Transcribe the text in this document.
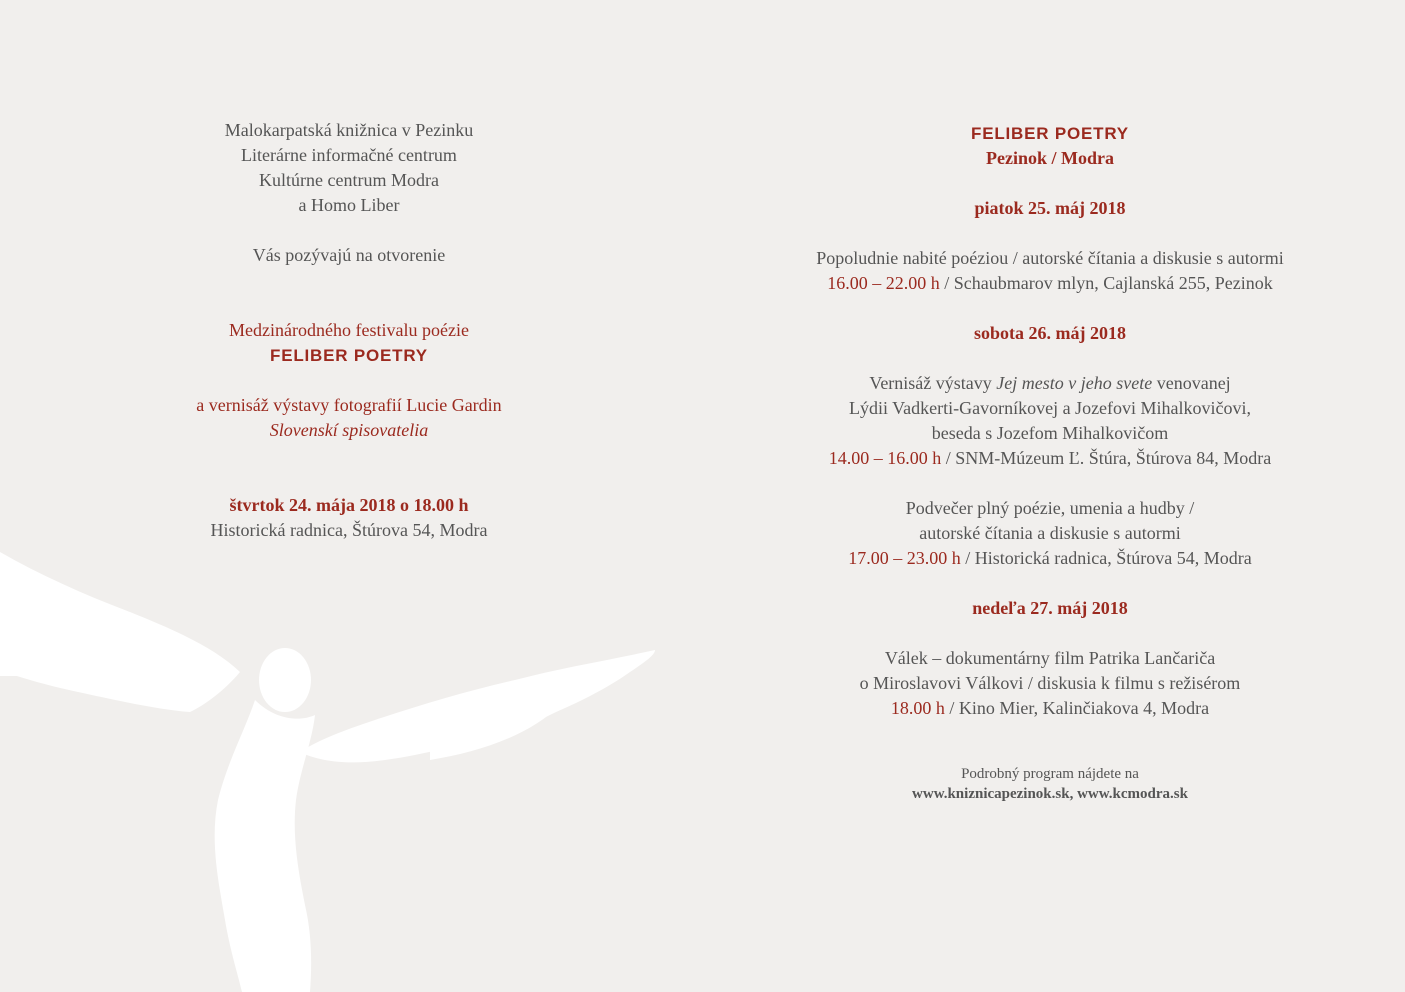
Malokarpatská knižnica v Pezinku
Literárne informačné centrum
Kultúrne centrum Modra
a Homo Liber
Vás pozývajú na otvorenie
Medzinárodného festivalu poézie
FELIBER POETRY
a vernisáž výstavy fotografií Lucie Gardin
Slovenskí spisovatelia
štvrtok 24. mája 2018 o 18.00 h
Historická radnica, Štúrova 54, Modra
FELIBER POETRY
Pezinok / Modra
piatok 25. máj 2018
Popoludnie nabité poéziou / autorské čítania a diskusie s autormi
16.00 – 22.00 h / Schaubmarov mlyn, Cajlanská 255, Pezinok
sobota 26. máj 2018
Vernisáž výstavy Jej mesto v jeho svete venovanej
Lýdii Vadkerti-Gavorníkovej a Jozefovi Mihalkovičovi,
beseda s Jozefom Mihalkovičom
14.00 – 16.00 h / SNM-Múzeum Ľ. Štúra, Štúrova 84, Modra
Podvečer plný poézie, umenia a hudby /
autorské čítania a diskusie s autormi
17.00 – 23.00 h / Historická radnica, Štúrova 54, Modra
nedeľa 27. máj 2018
Válek – dokumentárny film Patrika Lančariča
o Miroslavovi Válkovi / diskusia k filmu s režisérom
18.00 h / Kino Mier, Kalinčiakova 4, Modra
Podrobný program nájdete na
www.kniznicapezinok.sk, www.kcmodra.sk
